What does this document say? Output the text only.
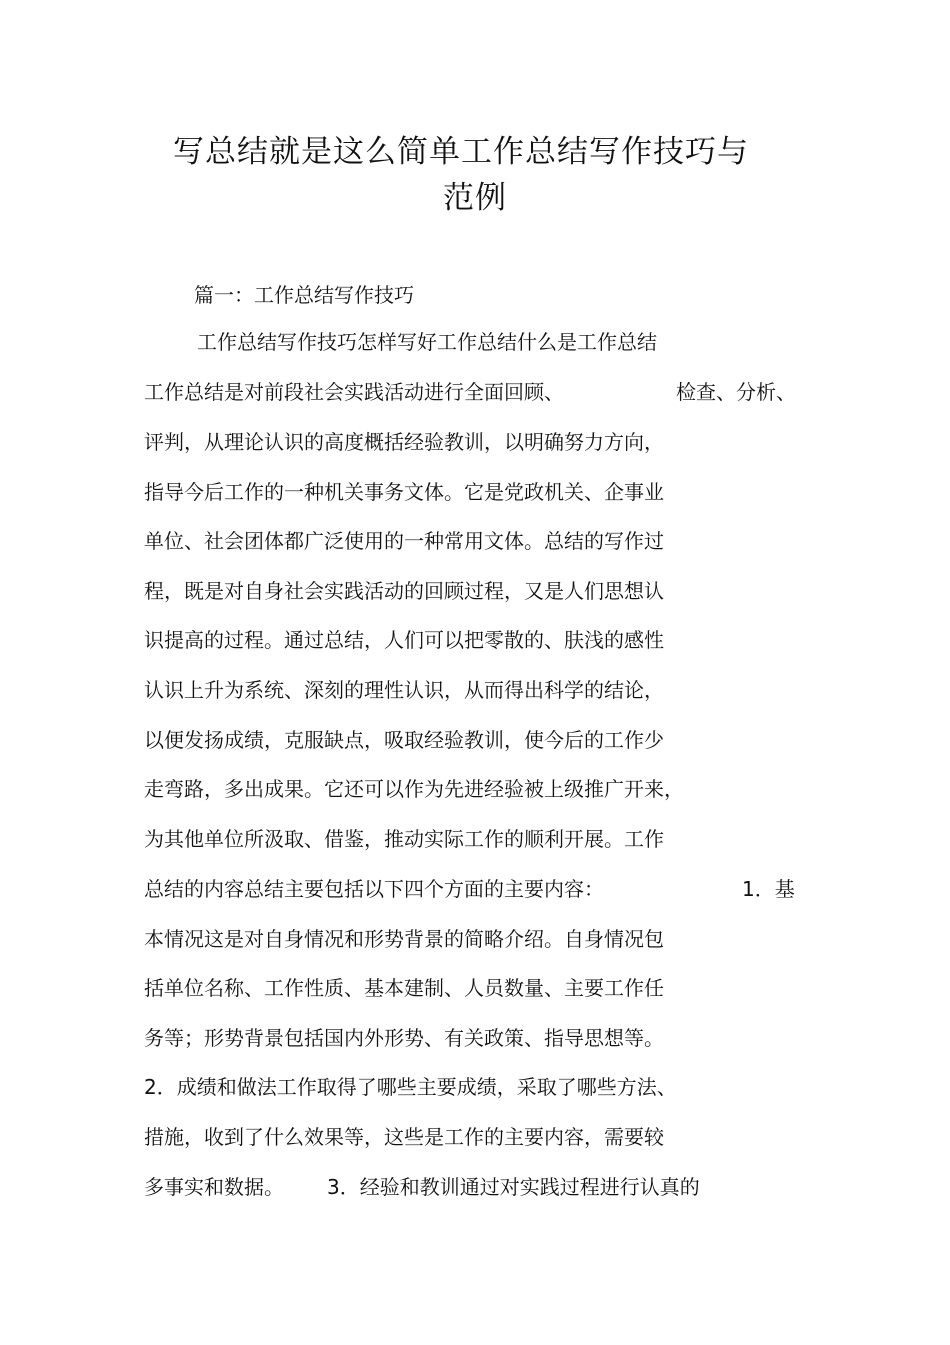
写总结就是这么简单工作总结写作技巧与
范例
篇一：工作总结写作技巧
工作总结写作技巧怎样写好工作总结什么是工作总结
工作总结是对前段社会实践活动进行全面回顾、	检查、分析、
评判，从理论认识的高度概括经验教训，以明确努力方向，
指导今后工作的一种机关事务文体。它是党政机关、企事业
单位、社会团体都广泛使用的一种常用文体。总结的写作过
程，既是对自身社会实践活动的回顾过程，又是人们思想认
识提高的过程。通过总结，人们可以把零散的、肤浅的感性
认识上升为系统、深刻的理性认识，从而得出科学的结论，
以便发扬成绩，克服缺点，吸取经验教训，使今后的工作少
走弯路，多出成果。它还可以作为先进经验被上级推广开来，
为其他单位所汲取、借鉴，推动实际工作的顺利开展。工作
总结的内容总结主要包括以下四个方面的主要内容：	1．基
本情况这是对自身情况和形势背景的简略介绍。自身情况包
括单位名称、工作性质、基本建制、人员数量、主要工作任
务等；形势背景包括国内外形势、有关政策、指导思想等。
2．成绩和做法工作取得了哪些主要成绩，采取了哪些方法、
措施，收到了什么效果等，这些是工作的主要内容，需要较
多事实和数据。 3．经验和教训通过对实践过程进行认真的
